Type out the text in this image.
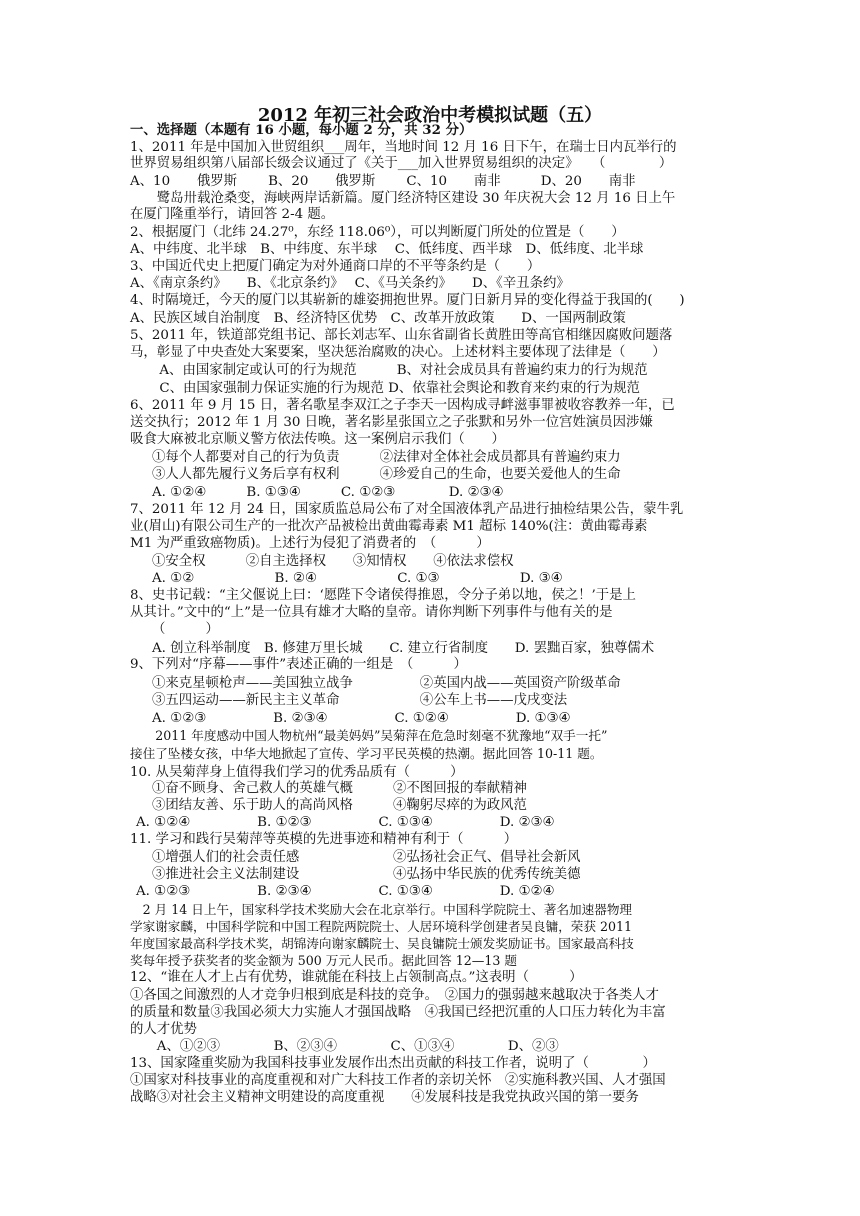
2012 年初三社会政治中考模拟试题（五）
一、选择题（本题有 16 小题，每小题 2 分，共 32 分）
1、2011 年是中国加入世贸组织___周年，当地时间 12 月 16 日下午，在瑞士日内瓦举行的
世界贸易组织第八届部长级会议通过了《关于___加入世界贸易组织的决定》　　（　　　　）
A、10　　俄罗斯　　 B、20　　俄罗斯　　 C、10　　南非　　　D、20　　南非
　　鹭岛卅载沧桑变，海峡两岸话新篇。厦门经济特区建设 30 年庆祝大会 12 月 16 日上午
在厦门隆重举行，请回答 2-4 题。
2、根据厦门（北纬 24.27⁰，东经 118.06⁰），可以判断厦门所处的位置是（　　）
A、中纬度、北半球　B、中纬度、东半球　 C、低纬度、西半球　D、低纬度、北半球
3、中国近代史上把厦门确定为对外通商口岸的不平等条约是（　　）
A、《南京条约》　　B、《北京条约》　 C、《马关条约》　　D、《辛丑条约》
4、时隔境迁，今天的厦门以其崭新的雄姿拥抱世界。厦门日新月异的变化得益于我国的(　　)
A、民族区域自治制度　B、经济特区优势　C、改革开放政策　　D、一国两制政策
5、2011 年，铁道部党组书记、部长刘志军、山东省副省长黄胜田等高官相继因腐败问题落
马，彰显了中央查处大案要案，坚决惩治腐败的决心。上述材料主要体现了法律是（　　）
　A、由国家制定或认可的行为规范　　　B、对社会成员具有普遍约束力的行为规范
　C、由国家强制力保证实施的行为规范 D、依靠社会舆论和教育来约束的行为规范
6、2011 年 9 月 15 日，著名歌星李双江之子李天一因构成寻衅滋事罪被收容教养一年，已
送交执行；2012 年 1 月 30 日晚，著名影星张国立之子张默和另外一位宫姓演员因涉嫌
吸食大麻被北京顺义警方依法传唤。这一案例启示我们（　　）
①每个人都要对自己的行为负责　　　②法律对全体社会成员都具有普遍约束力
③人人都先履行义务后享有权利　　　④珍爱自己的生命，也要关爱他人的生命
A. ①②④　　　B. ①③④　　　C. ①②③　　　　D. ②③④
7、2011 年 12 月 24 日，国家质监总局公布了对全国液体乳产品进行抽检结果公告，蒙牛乳
业(眉山)有限公司生产的一批次产品被检出黄曲霉毒素 M1 超标 140%(注：黄曲霉毒素
M1 为严重致癌物质)。上述行为侵犯了消费者的　（　　　）
①安全权　　　②自主选择权　　③知情权　　④依法求偿权
A. ①②　　　　　　B. ②④　　　　　　C. ①③　　　　　　D. ③④
8、史书记载：“主父偃说上曰：‘愿陛下令诸侯得推恩，令分子弟以地，侯之！’于是上
从其计。”文中的“上”是一位具有雄才大略的皇帝。请你判断下列事件与他有关的是
（　　　）
A. 创立科举制度　B. 修建万里长城　　C. 建立行省制度　　D. 罢黜百家，独尊儒术
9、下列对“序幕——事件”表述正确的一组是　（　　　）
①来克星顿枪声——美国独立战争　　　　　②英国内战——英国资产阶级革命
③五四运动——新民主主义革命　　　　　　④公车上书——戊戌变法
A. ①②③　　　　　B. ②③④　　　　　C. ①②④　　　　　D. ①③④
　　2011 年度感动中国人物杭州“最美妈妈”吴菊萍在危急时刻毫不犹豫地“双手一托”
接住了坠楼女孩，中华大地掀起了宣传、学习平民英模的热潮。据此回答 10-11 题。
10. 从吴菊萍身上值得我们学习的优秀品质有（　　　）
①奋不顾身、舍己救人的英雄气概　　　②不图回报的奉献精神
③团结友善、乐于助人的高尚风格　　　④鞠躬尽瘁的为政风范
A. ①②④　　　　　B. ①②③　　　　　C. ①③④　　　　　D. ②③④
11. 学习和践行吴菊萍等英模的先进事迹和精神有利于（　　　）
①增强人们的社会责任感　　　　　　　②弘扬社会正气、倡导社会新风
③推进社会主义法制建设　　　　　　　④弘扬中华民族的优秀传统美德
A. ①②③　　　　　B. ②③④　　　　　C. ①③④　　　　　D. ①②④
　2 月 14 日上午，国家科学技术奖励大会在北京举行。中国科学院院士、著名加速器物理
学家谢家麟，中国科学院和中国工程院两院院士、人居环境科学创建者吴良镛，荣获 2011
年度国家最高科学技术奖，胡锦涛向谢家麟院士、吴良镛院士颁发奖励证书。国家最高科技
奖每年授予获奖者的奖金额为 500 万元人民币。据此回答 12—13 题
12、“谁在人才上占有优势，谁就能在科技上占领制高点。”这表明（　　　）
①各国之间激烈的人才竞争归根到底是科技的竞争。　②国力的强弱越来越取决于各类人才
的质量和数量③我国必须大力实施人才强国战略　④我国已经把沉重的人口压力转化为丰富
的人才优势
　　A、①②③　　　　B、②③④　　　　C、①③④　　　　D、②③
13、国家隆重奖励为我国科技事业发展作出杰出贡献的科技工作者，说明了（　　　　）
①国家对科技事业的高度重视和对广大科技工作者的亲切关怀　②实施科教兴国、人才强国
战略③对社会主义精神文明建设的高度重视　　④发展科技是我党执政兴国的第一要务
